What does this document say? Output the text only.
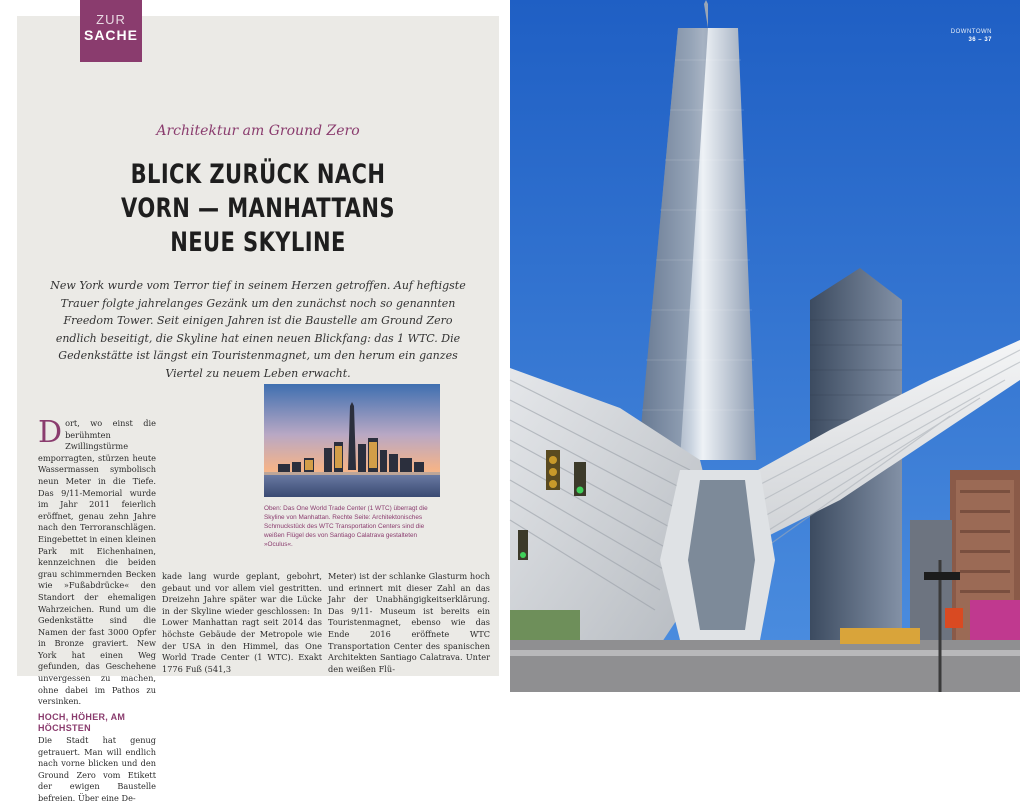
ZUR
SACHE
Architektur am Ground Zero
BLICK ZURÜCK NACH
VORN — MANHATTANS
NEUE SKYLINE

New York wurde vom Terror tief in seinem Herzen getroffen. Auf heftigste Trauer folgte jahrelanges Gezänk um den zunächst noch so genannten Freedom Tower. Seit einigen Jahren ist die Baustelle am Ground Zero endlich beseitigt, die Skyline hat einen neuen Blickfang: das 1 WTC. Die Gedenkstätte ist längst ein Touristenmagnet, um den herum ein ganzes Viertel zu neuem Leben erwacht.

Oben: Das One World Trade Center (1 WTC) überragt die Skyline von Manhattan. Rechte Seite: Architektonisches Schmuckstück des WTC Transportation Centers sind die weißen Flügel des von Santiago Calatrava gestalteten »Oculus«.

D ort, wo einst die berühmten Zwillingstürme emporragten, stürzen heute Wassermassen symbolisch neun Meter in die Tiefe. Das 9/11-Memorial wurde im Jahr 2011 feierlich eröffnet, genau zehn Jahre nach den Terroranschlägen. Eingebettet in einen kleinen Park mit Eichenhainen, kennzeichnen die beiden grau schimmernden Becken wie »Fußabdrücke« den Standort der ehemaligen Wahrzeichen. Rund um die Gedenkstätte sind die Namen der fast 3000 Opfer in Bronze graviert. New York hat einen Weg gefunden, das Geschehene unvergessen zu machen, ohne dabei im Pathos zu versinken.
HOCH, HÖHER, AM HÖCHSTEN
Die Stadt hat genug getrauert. Man will endlich nach vorne blicken und den Ground Zero vom Etikett der ewigen Baustelle befreien. Über eine De-
kade lang wurde geplant, gebohrt, gebaut und vor allem viel gestritten. Dreizehn Jahre später war die Lücke in der Skyline wieder geschlossen: In Lower Manhattan ragt seit 2014 das höchste Gebäude der Metropole wie der USA in den Himmel, das One World Trade Center (1 WTC). Exakt 1776 Fuß (541,3
Meter) ist der schlanke Glasturm hoch und erinnert mit dieser Zahl an das Jahr der Unabhängigkeitserklärung. Das 9/11- Museum ist bereits ein Touristenmagnet, ebenso wie das Ende 2016 eröffnete WTC Transportation Center des spanischen Architekten Santiago Calatrava. Unter den weißen Flü-
DOWNTOWN
36 – 37
